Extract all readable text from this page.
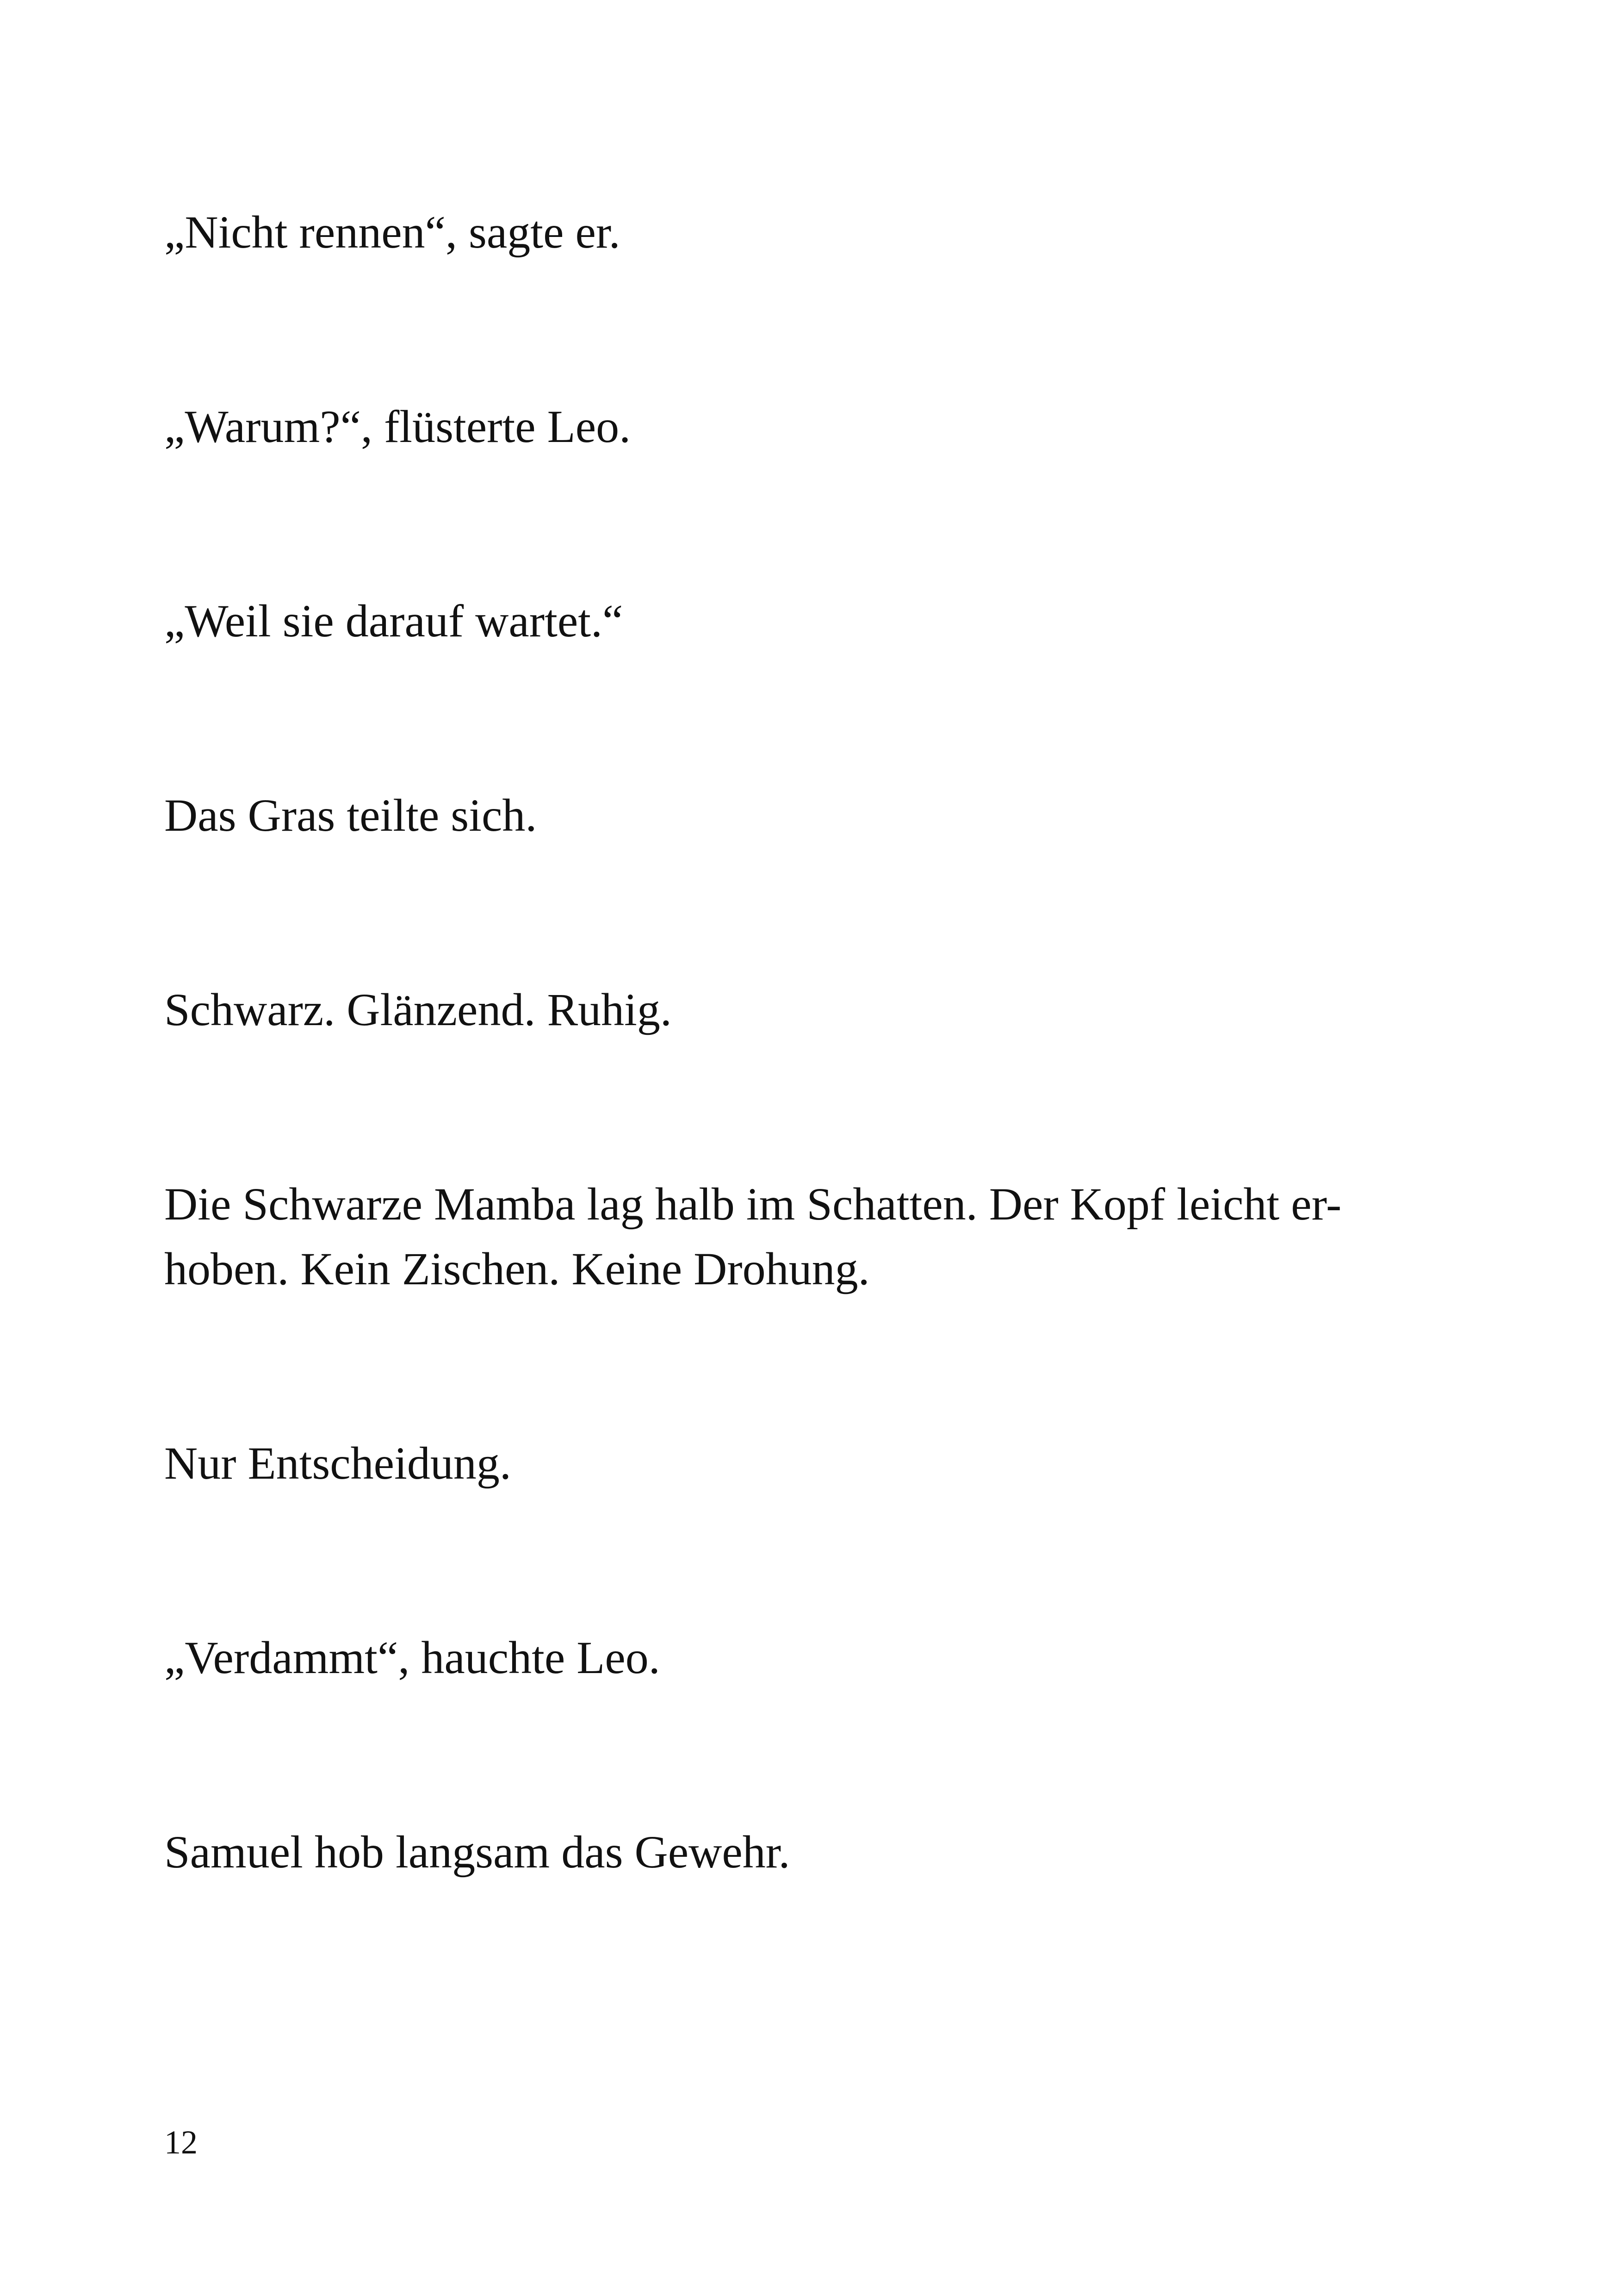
„Nicht rennen“, sagte er.

„Warum?“, flüsterte Leo.

„Weil sie darauf wartet.“

Das Gras teilte sich.

Schwarz. Glänzend. Ruhig.

Die Schwarze Mamba lag halb im Schatten. Der Kopf leicht er-
hoben. Kein Zischen. Keine Drohung.

Nur Entscheidung.

„Verdammt“, hauchte Leo.

Samuel hob langsam das Gewehr.

12
